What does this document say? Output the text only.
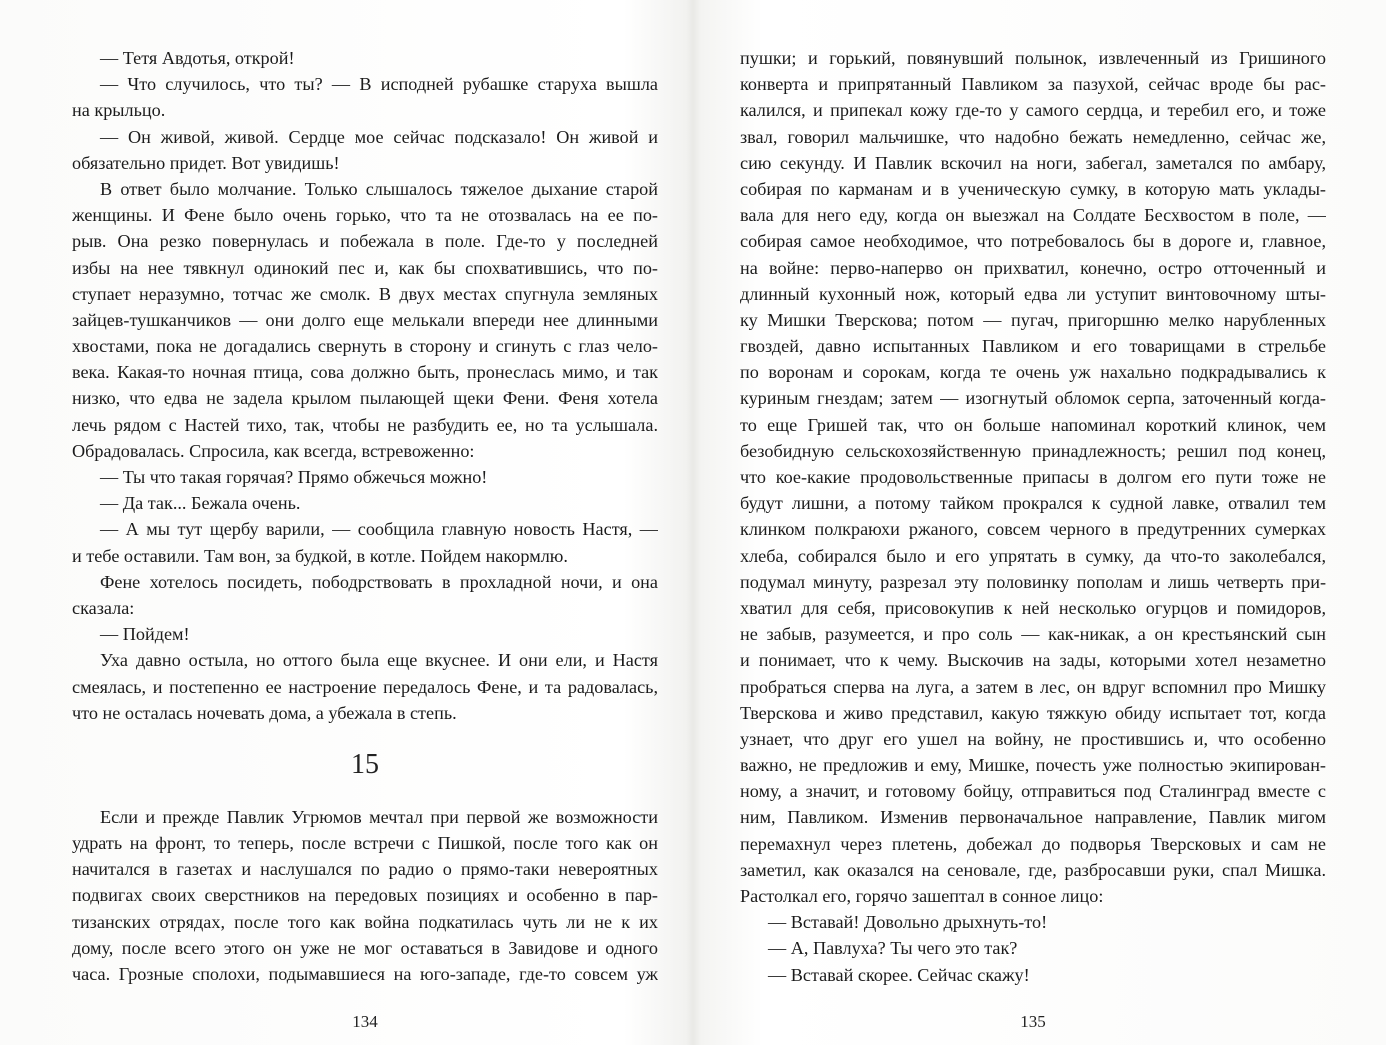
— Тетя Авдотья, открой!
— Что случилось, что ты? — В исподней рубашке старуха вышла
на крыльцо.
— Он живой, живой. Сердце мое сейчас подсказало! Он живой и
обязательно придет. Вот увидишь!
В ответ было молчание. Только слышалось тяжелое дыхание старой
женщины. И Фене было очень горько, что та не отозвалась на ее по-
рыв. Она резко повернулась и побежала в поле. Где-то у последней
избы на нее тявкнул одинокий пес и, как бы спохватившись, что по-
ступает неразумно, тотчас же смолк. В двух местах спугнула земляных
зайцев-тушканчиков — они долго еще мелькали впереди нее длинными
хвостами, пока не догадались свернуть в сторону и сгинуть с глаз чело-
века. Какая-то ночная птица, сова должно быть, пронеслась мимо, и так
низко, что едва не задела крылом пылающей щеки Фени. Феня хотела
лечь рядом с Настей тихо, так, чтобы не разбудить ее, но та услышала.
Обрадовалась. Спросила, как всегда, встревоженно:
— Ты что такая горячая? Прямо обжечься можно!
— Да так... Бежала очень.
— А мы тут щербу варили, — сообщила главную новость Настя, —
и тебе оставили. Там вон, за будкой, в котле. Пойдем накормлю.
Фене хотелось посидеть, пободрствовать в прохладной ночи, и она
сказала:
— Пойдем!
Уха давно остыла, но оттого была еще вкуснее. И они ели, и Настя
смеялась, и постепенно ее настроение передалось Фене, и та радовалась,
что не осталась ночевать дома, а убежала в степь.
15
Если и прежде Павлик Угрюмов мечтал при первой же возможности
удрать на фронт, то теперь, после встречи с Пишкой, после того как он
начитался в газетах и наслушался по радио о прямо-таки невероятных
подвигах своих сверстников на передовых позициях и особенно в пар-
тизанских отрядах, после того как война подкатилась чуть ли не к их
дому, после всего этого он уже не мог оставаться в Завидове и одного
часа. Грозные сполохи, подымавшиеся на юго-западе, где-то совсем уж
134
пушки; и горький, повянувший полынок, извлеченный из Гришиного
конверта и припрятанный Павликом за пазухой, сейчас вроде бы рас-
калился, и припекал кожу где-то у самого сердца, и теребил его, и тоже
звал, говорил мальчишке, что надобно бежать немедленно, сейчас же,
сию секунду. И Павлик вскочил на ноги, забегал, заметался по амбару,
собирая по карманам и в ученическую сумку, в которую мать уклады-
вала для него еду, когда он выезжал на Солдате Бесхвостом в поле, —
собирая самое необходимое, что потребовалось бы в дороге и, главное,
на войне: перво-наперво он прихватил, конечно, остро отточенный и
длинный кухонный нож, который едва ли уступит винтовочному шты-
ку Мишки Тверскова; потом — пугач, пригоршню мелко нарубленных
гвоздей, давно испытанных Павликом и его товарищами в стрельбе
по воронам и сорокам, когда те очень уж нахально подкрадывались к
куриным гнездам; затем — изогнутый обломок серпа, заточенный когда-
то еще Гришей так, что он больше напоминал короткий клинок, чем
безобидную сельскохозяйственную принадлежность; решил под конец,
что кое-какие продовольственные припасы в долгом его пути тоже не
будут лишни, а потому тайком прокрался к судной лавке, отвалил тем
клинком полкраюхи ржаного, совсем черного в предутренних сумерках
хлеба, собирался было и его упрятать в сумку, да что-то заколебался,
подумал минуту, разрезал эту половинку пополам и лишь четверть при-
хватил для себя, присовокупив к ней несколько огурцов и помидоров,
не забыв, разумеется, и про соль — как-никак, а он крестьянский сын
и понимает, что к чему. Выскочив на зады, которыми хотел незаметно
пробраться сперва на луга, а затем в лес, он вдруг вспомнил про Мишку
Тверскова и живо представил, какую тяжкую обиду испытает тот, когда
узнает, что друг его ушел на войну, не простившись и, что особенно
важно, не предложив и ему, Мишке, почесть уже полностью экипирован-
ному, а значит, и готовому бойцу, отправиться под Сталинград вместе с
ним, Павликом. Изменив первоначальное направление, Павлик мигом
перемахнул через плетень, добежал до подворья Тверсковых и сам не
заметил, как оказался на сеновале, где, разбросавши руки, спал Мишка.
Растолкал его, горячо зашептал в сонное лицо:
— Вставай! Довольно дрыхнуть-то!
— А, Павлуха? Ты чего это так?
— Вставай скорее. Сейчас скажу!
135
